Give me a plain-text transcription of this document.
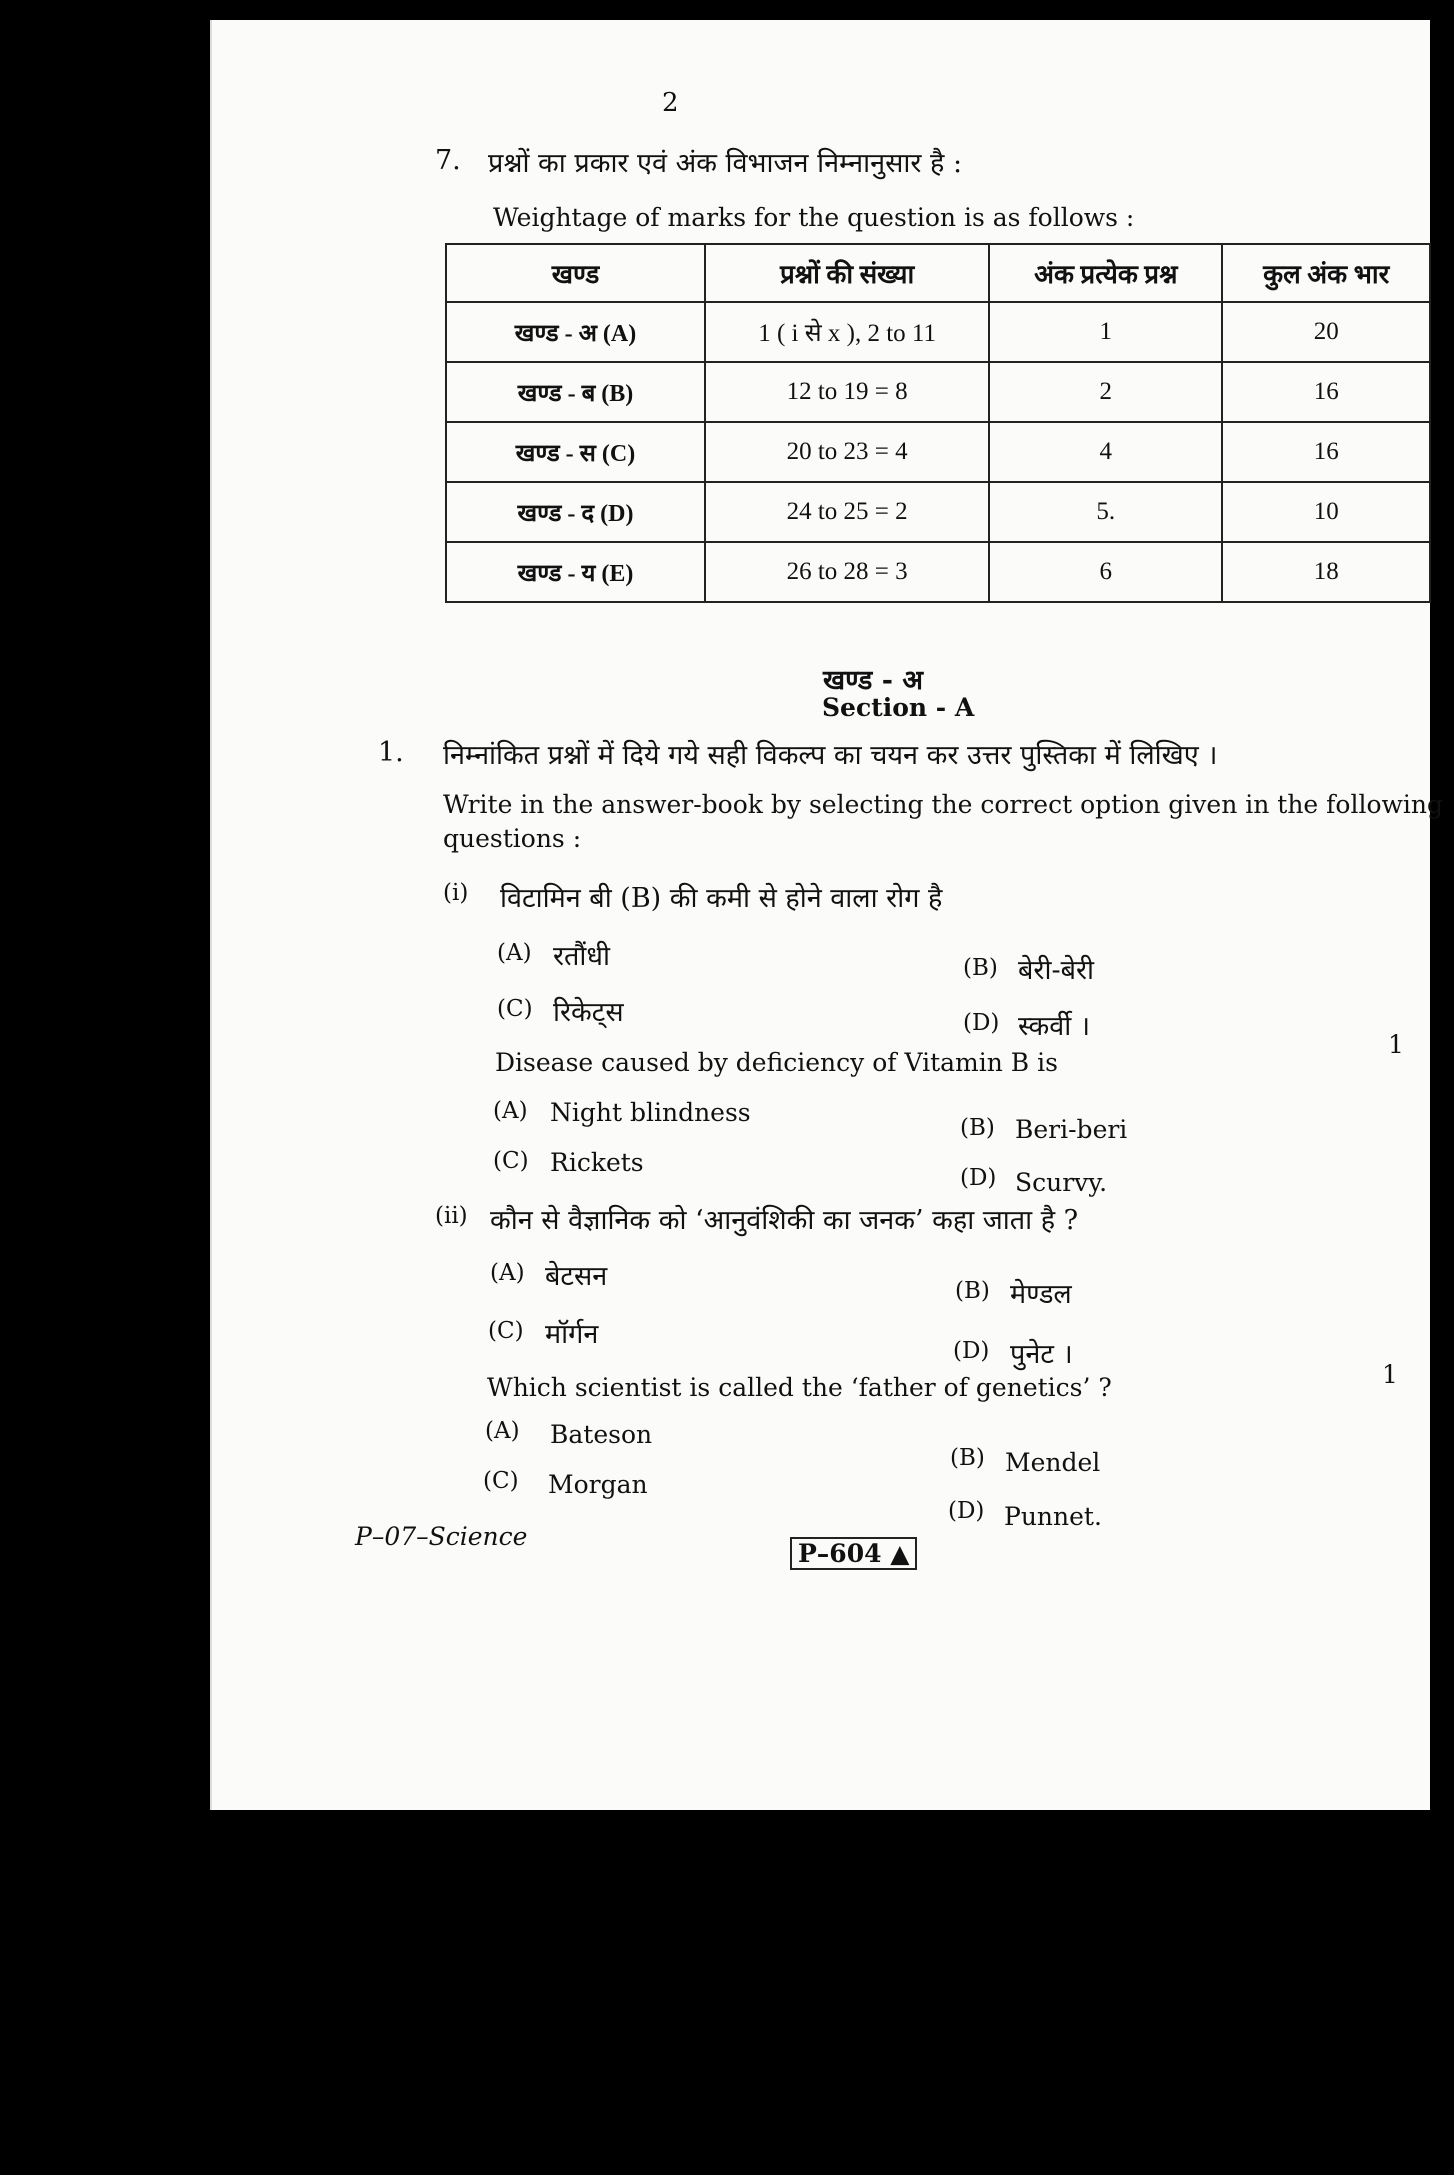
2
7. प्रश्नों का प्रकार एवं अंक विभाजन निम्नानुसार है :
Weightage of marks for the question is as follows :
खण्ड	प्रश्नों की संख्या	अंक प्रत्येक प्रश्न	कुल अंक भार
खण्ड - अ (A)	1 ( i से x ), 2 to 11	1	20
खण्ड - ब (B)	12 to 19 = 8	2	16
खण्ड - स (C)	20 to 23 = 4	4	16
खण्ड - द (D)	24 to 25 = 2	5.	10
खण्ड - य (E)	26 to 28 = 3	6	18
खण्ड - अ
Section - A
1. निम्नांकित प्रश्नों में दिये गये सही विकल्प का चयन कर उत्तर पुस्तिका में लिखिए ।
Write in the answer-book by selecting the correct option given in the following
questions :
(i) विटामिन बी (B) की कमी से होने वाला रोग है
(A) रतौंधी	(B) बेरी-बेरी
(C) रिकेट्स	(D) स्कर्वी ।
1
Disease caused by deficiency of Vitamin B is
(A) Night blindness
(B) Beri-beri
(C) Rickets
(D) Scurvy.
(ii) कौन से वैज्ञानिक को ‘आनुवंशिकी का जनक’ कहा जाता है ?
(A) बेटसन	(B) मेण्डल
(C) मॉर्गन
(D) पुनेट ।
1
Which scientist is called the ‘father of genetics’ ?
(A) Bateson
(B) Mendel
(C) Morgan
(D) Punnet.
P–07–Science
P–604 ▲
